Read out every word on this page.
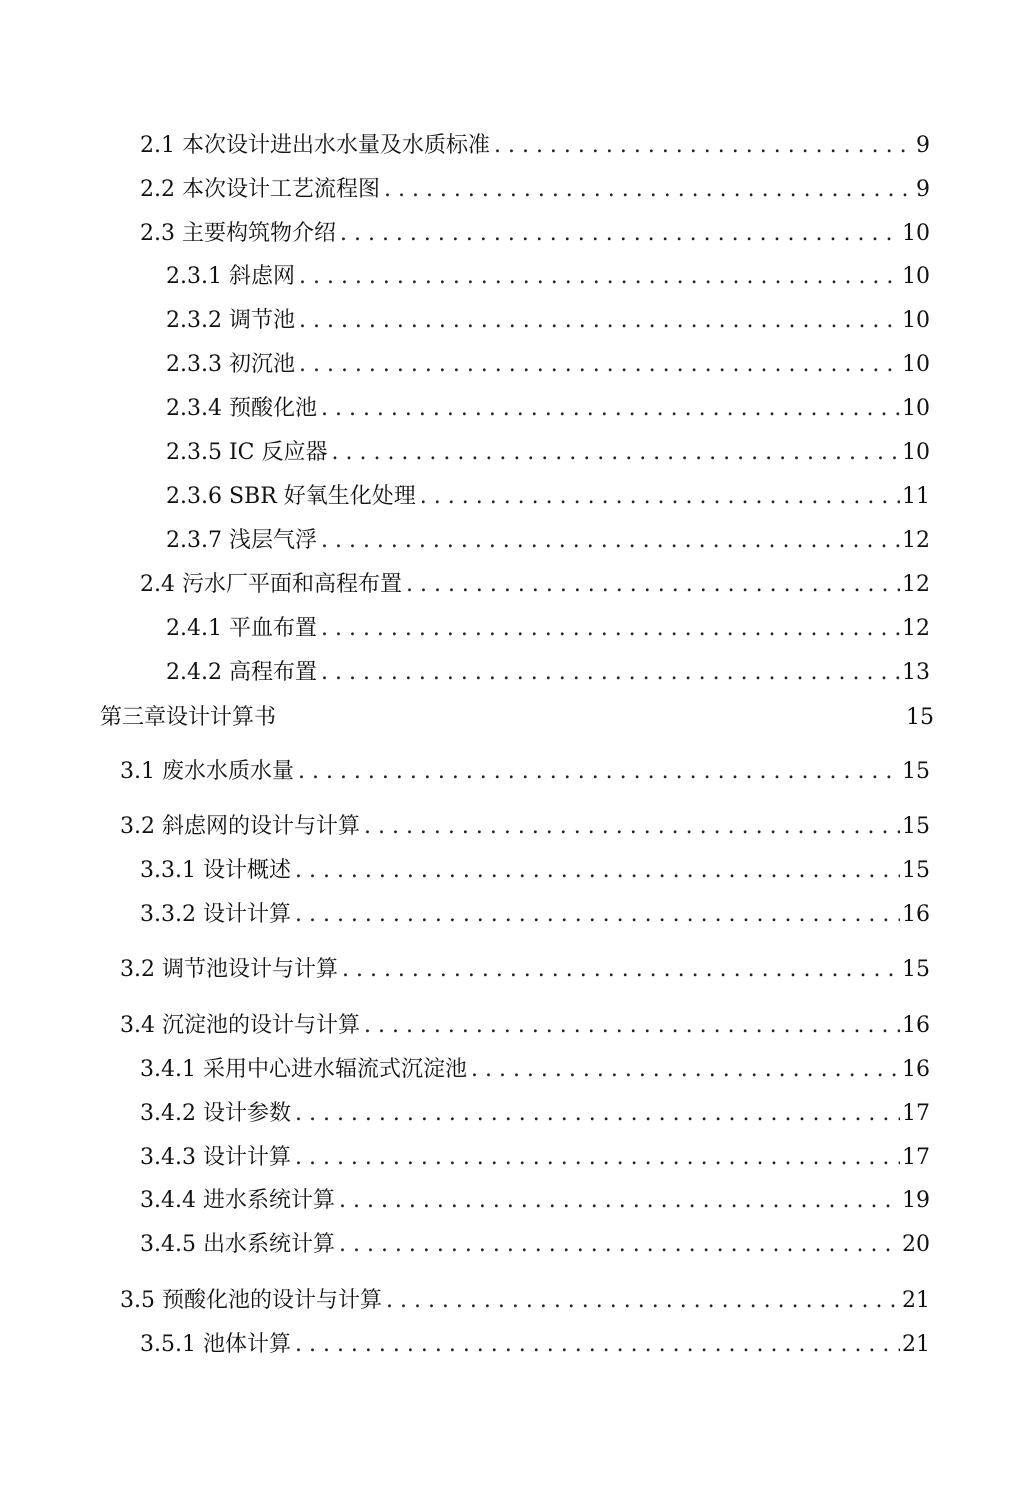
2.1 本次设计进出水水量及水质标准 . . .	9
2.2 本次设计工艺流程图 . . .	9
2.3 主要构筑物介绍 . . .	10
2.3.1 斜虑网 . . .	10
2.3.2 调节池 . . .	10
2.3.3 初沉池 . . .	10
2.3.4 预酸化池 . . .	10
2.3.5 IC 反应器 . . .	10
2.3.6 SBR 好氧生化处理 . . .	11
2.3.7 浅层气浮 . . .	12
2.4 污水厂平面和高程布置 . . .	12
2.4.1 平血布置 . . .	12
2.4.2 高程布置 . . .	13
第三章设计计算书	15
3.1 废水水质水量 . . .	15
3.2 斜虑网的设计与计算 . . .	15
3.3.1 设计概述 . . .	15
3.3.2 设计计算 . . .	16
3.2 调节池设计与计算 . . .	15
3.4 沉淀池的设计与计算 . . .	16
3.4.1 采用中心进水辐流式沉淀池 . . .	16
3.4.2 设计参数 . . .	17
3.4.3 设计计算 . . .	17
3.4.4 进水系统计算 . . .	19
3.4.5 出水系统计算 . . .	20
3.5 预酸化池的设计与计算 . . .	21
3.5.1 池体计算 . . .	21
